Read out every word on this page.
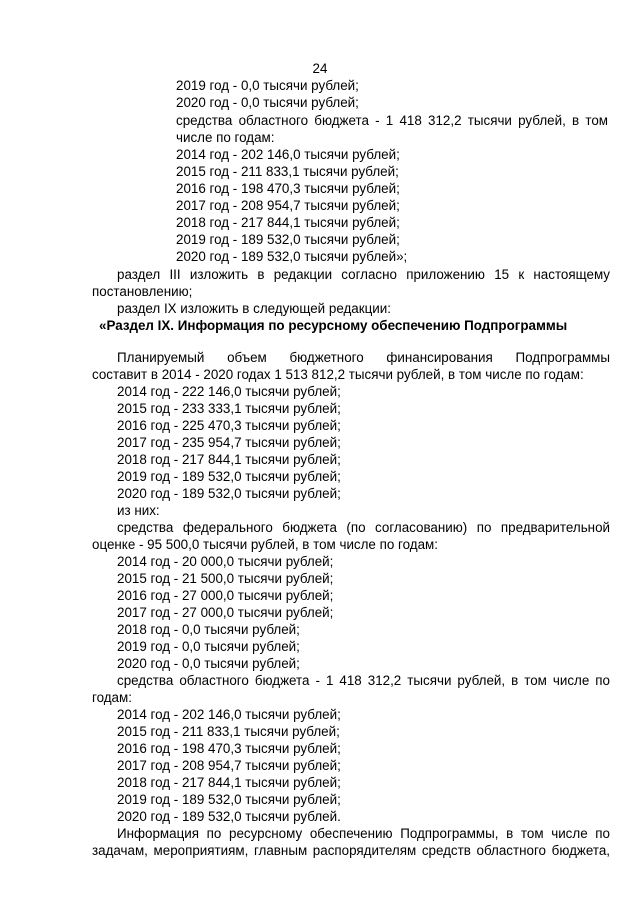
24

2019 год - 0,0 тысячи рублей;

2020 год - 0,0 тысячи рублей;

средства областного бюджета - 1 418 312,2 тысячи рублей, в том

числе по годам:

2014 год - 202 146,0 тысячи рублей;

2015 год - 211 833,1 тысячи рублей;

2016 год - 198 470,3 тысячи рублей;

2017 год - 208 954,7 тысячи рублей;

2018 год - 217 844,1 тысячи рублей;

2019 год - 189 532,0 тысячи рублей;

2020 год - 189 532,0 тысячи рублей»;

раздел III изложить в редакции согласно приложению 15 к настоящему

постановлению;

раздел IX изложить в следующей редакции:

«Раздел IX. Информация по ресурсному обеспечению Подпрограммы

Планируемый объем бюджетного финансирования Подпрограммы

составит в 2014 - 2020 годах 1 513 812,2 тысячи рублей, в том числе по годам:

2014 год - 222 146,0 тысячи рублей;

2015 год - 233 333,1 тысячи рублей;

2016 год - 225 470,3 тысячи рублей;

2017 год - 235 954,7 тысячи рублей;

2018 год - 217 844,1 тысячи рублей;

2019 год - 189 532,0 тысячи рублей;

2020 год - 189 532,0 тысячи рублей;

из них:

средства федерального бюджета (по согласованию) по предварительной

оценке - 95 500,0 тысячи рублей, в том числе по годам:

2014 год - 20 000,0 тысячи рублей;

2015 год - 21 500,0 тысячи рублей;

2016 год - 27 000,0 тысячи рублей;

2017 год - 27 000,0 тысячи рублей;

2018 год - 0,0 тысячи рублей;

2019 год - 0,0 тысячи рублей;

2020 год - 0,0 тысячи рублей;

средства областного бюджета - 1 418 312,2 тысячи рублей, в том числе по

годам:

2014 год - 202 146,0 тысячи рублей;

2015 год - 211 833,1 тысячи рублей;

2016 год - 198 470,3 тысячи рублей;

2017 год - 208 954,7 тысячи рублей;

2018 год - 217 844,1 тысячи рублей;

2019 год - 189 532,0 тысячи рублей;

2020 год - 189 532,0 тысячи рублей.

Информация по ресурсному обеспечению Подпрограммы, в том числе по

задачам, мероприятиям, главным распорядителям средств областного бюджета,
